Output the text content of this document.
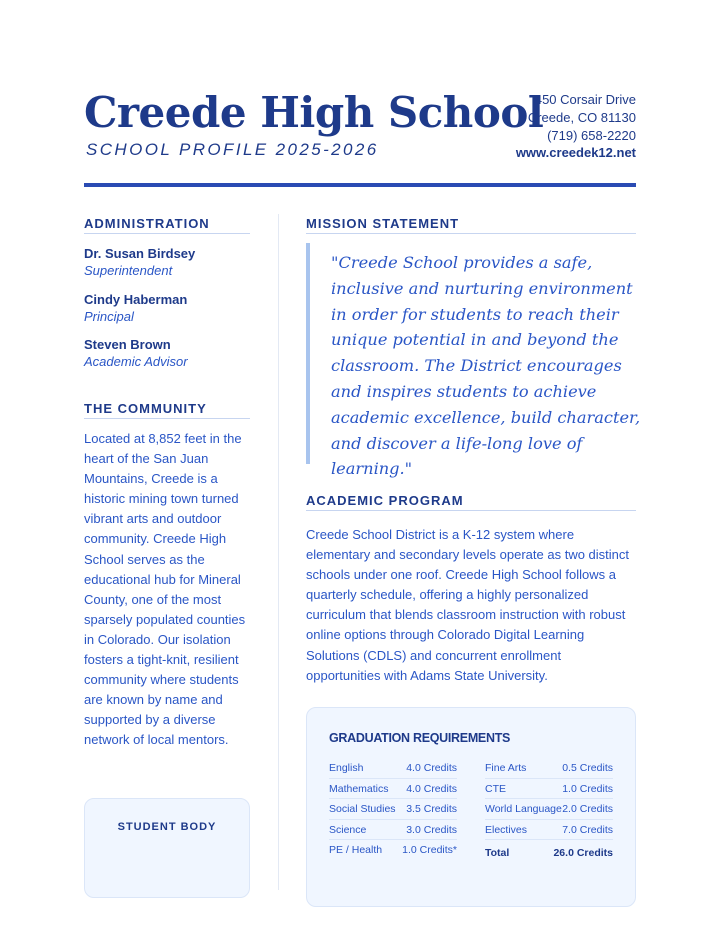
Creede High School
SCHOOL PROFILE 2025-2026
450 Corsair Drive
Creede, CO 81130
(719) 658-2220
www.creedek12.net
ADMINISTRATION
Dr. Susan Birdsey
Superintendent
Cindy Haberman
Principal
Steven Brown
Academic Advisor
THE COMMUNITY
Located at 8,852 feet in the heart of the San Juan Mountains, Creede is a historic mining town turned vibrant arts and outdoor community. Creede High School serves as the educational hub for Mineral County, one of the most sparsely populated counties in Colorado. Our isolation fosters a tight-knit, resilient community where students are known by name and supported by a diverse network of local mentors.
STUDENT BODY
MISSION STATEMENT
"Creede School provides a safe, inclusive and nurturing environment in order for students to reach their unique potential in and beyond the classroom. The District encourages and inspires students to achieve academic excellence, build character, and discover a life-long love of learning."
ACADEMIC PROGRAM
Creede School District is a K-12 system where elementary and secondary levels operate as two distinct schools under one roof. Creede High School follows a quarterly schedule, offering a highly personalized curriculum that blends classroom instruction with robust online options through Colorado Digital Learning Solutions (CDLS) and concurrent enrollment opportunities with Adams State University.
GRADUATION REQUIREMENTS
English	4.0 Credits
Mathematics 4.0 Credits
Social Studies 3.5 Credits
Science	3.0 Credits
PE / Health 1.0 Credits*
Fine Arts	0.5 Credits
CTE	1.0 Credits
World Language 2.0 Credits
Electives	7.0 Credits
Total	26.0 Credits
